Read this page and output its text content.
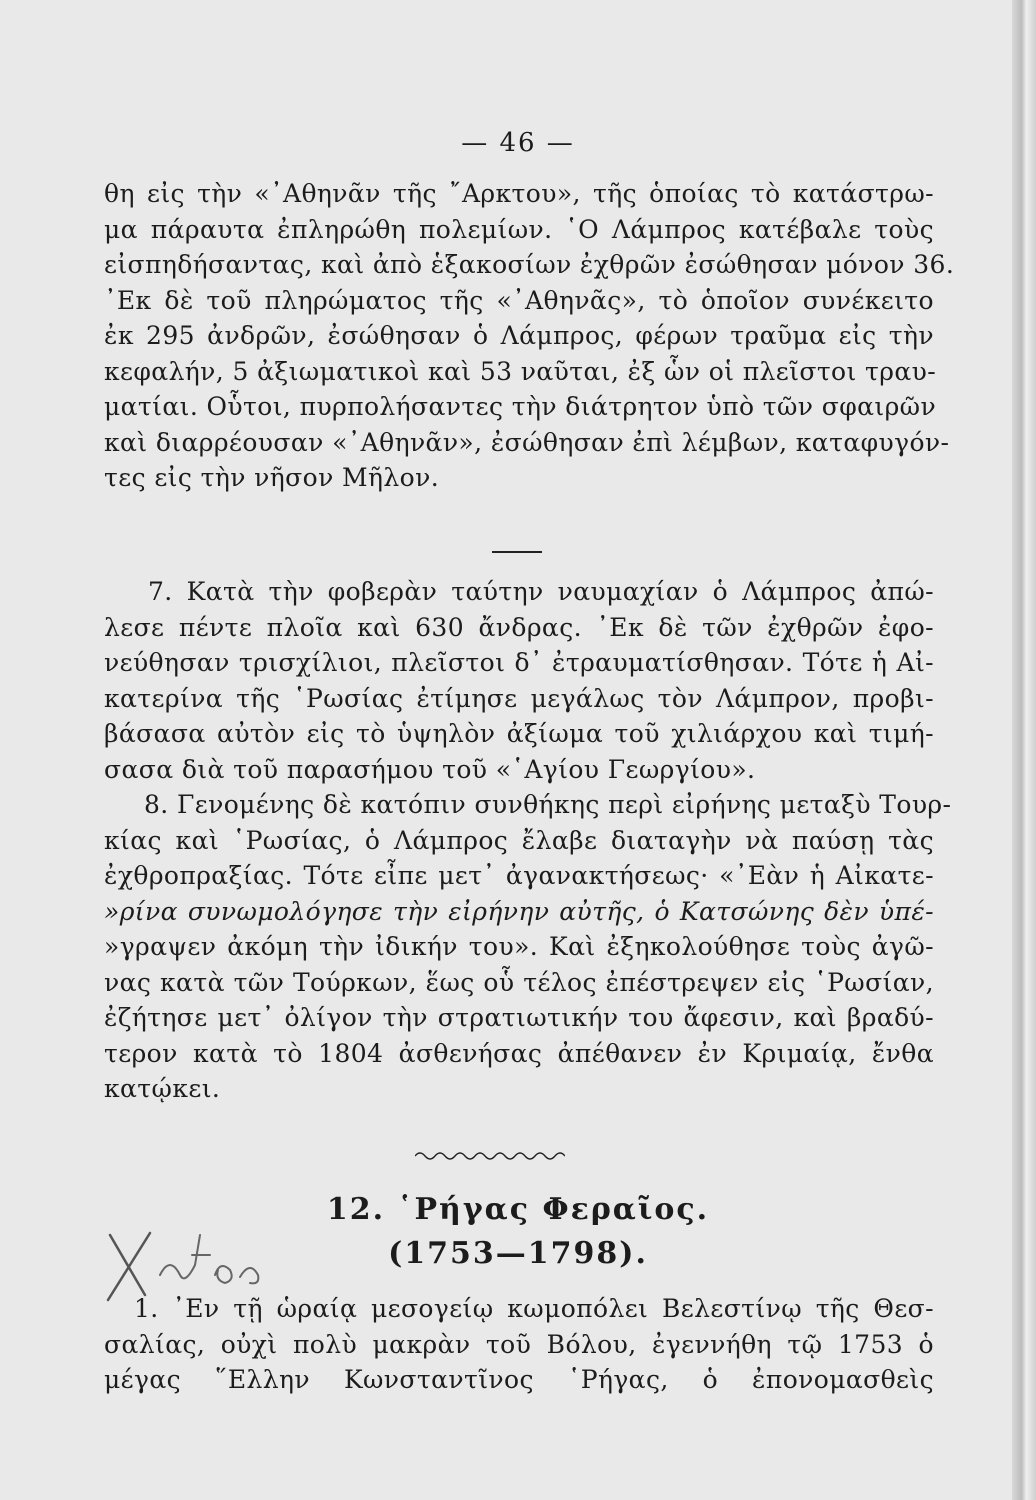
— 46 —
θη εἰς τὴν «᾿Αθηνᾶν τῆς ῎Αρκτου», τῆς ὁποίας τὸ κατάστρω-
μα πάραυτα ἐπληρώθη πολεμίων. ῾Ο Λάμπρος κατέβαλε τοὺς
εἰσπηδήσαντας, καὶ ἀπὸ ἑξακοσίων ἐχθρῶν ἐσώθησαν μόνον 36.
᾿Εκ δὲ τοῦ πληρώματος τῆς «᾿Αθηνᾶς», τὸ ὁποῖον συνέκειτο
ἐκ 295 ἀνδρῶν, ἐσώθησαν ὁ Λάμπρος, φέρων τραῦμα εἰς τὴν
κεφαλήν, 5 ἀξιωματικοὶ καὶ 53 ναῦται, ἐξ ὧν οἱ πλεῖστοι τραυ-
ματίαι. Οὗτοι, πυρπολήσαντες τὴν διάτρητον ὑπὸ τῶν σφαιρῶν
καὶ διαρρέουσαν «᾿Αθηνᾶν», ἐσώθησαν ἐπὶ λέμβων, καταφυγόν-
τες εἰς τὴν νῆσον Μῆλον.
7. Κατὰ τὴν φοβερὰν ταύτην ναυμαχίαν ὁ Λάμπρος ἀπώ-
λεσε πέντε πλοῖα καὶ 630 ἄνδρας. ᾿Εκ δὲ τῶν ἐχθρῶν ἐφο-
νεύθησαν τρισχίλιοι, πλεῖστοι δ᾿ ἐτραυματίσθησαν. Τότε ἡ Αἰ-
κατερίνα τῆς ῾Ρωσίας ἐτίμησε μεγάλως τὸν Λάμπρον, προβι-
βάσασα αὐτὸν εἰς τὸ ὑψηλὸν ἀξίωμα τοῦ χιλιάρχου καὶ τιμή-
σασα διὰ τοῦ παρασήμου τοῦ «῾Αγίου Γεωργίου».
8. Γενομένης δὲ κατόπιν συνθήκης περὶ εἰρήνης μεταξὺ Τουρ-
κίας καὶ ῾Ρωσίας, ὁ Λάμπρος ἔλαβε διαταγὴν νὰ παύσῃ τὰς
ἐχθροπραξίας. Τότε εἶπε μετ᾿ ἀγανακτήσεως· «᾿Εὰν ἡ Αἰκατε-
»ρίνα συνωμολόγησε τὴν εἰρήνην αὐτῆς, ὁ Κατσώνης δὲν ὑπέ-
»γραψεν ἀκόμη τὴν ἰδικήν του». Καὶ ἐξηκολούθησε τοὺς ἀγῶ-
νας κατὰ τῶν Τούρκων, ἕως οὗ τέλος ἐπέστρεψεν εἰς ῾Ρωσίαν,
ἐζήτησε μετ᾿ ὀλίγον τὴν στρατιωτικήν του ἄφεσιν, καὶ βραδύ-
τερον κατὰ τὸ 1804 ἀσθενήσας ἀπέθανεν ἐν Κριμαίᾳ, ἔνθα
κατῴκει.
12. ῾Ρήγας Φεραῖος.
(1753—1798).
1. ᾿Εν τῇ ὡραίᾳ μεσογείῳ κωμοπόλει Βελεστίνῳ τῆς Θεσ-
σαλίας, οὐχὶ πολὺ μακρὰν τοῦ Βόλου, ἐγεννήθη τῷ 1753 ὁ
μέγας ῞Ελλην Κωνσταντῖνος ῾Ρήγας, ὁ ἐπονομασθεὶς
